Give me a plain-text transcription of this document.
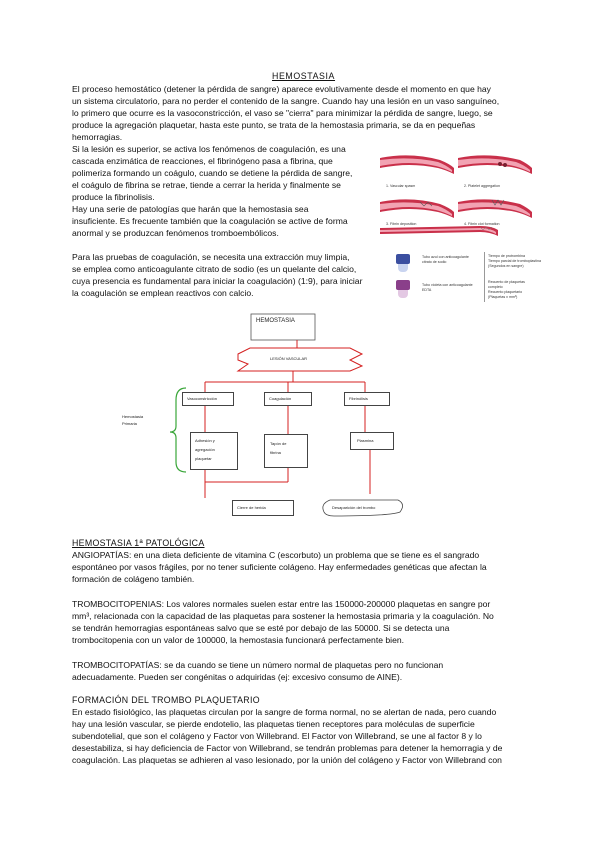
HEMOSTASIA
El proceso hemostático (detener la pérdida de sangre) aparece evolutivamente desde el momento en que hay
un sistema circulatorio, para no perder el contenido de la sangre. Cuando hay una lesión en un vaso sanguíneo,
lo primero que ocurre es la vasoconstricción, el vaso se "cierra" para minimizar la pérdida de sangre, luego, se
produce la agregación plaquetar, hasta este punto, se trata de la hemostasia primaria, se da en pequeñas
hemorragias.
Si la lesión es superior, se activa los fenómenos de coagulación, es una
cascada enzimática de reacciones, el fibrinógeno pasa a fibrina, que
polimeriza formando un coágulo, cuando se detiene la pérdida de sangre,
el coágulo de fibrina se retrae, tiende a cerrar la herida y finalmente se
produce la fibrinolisis.
Hay una serie de patologías que harán que la hemostasia sea
insuficiente. Es frecuente también que la coagulación se active de forma
anormal y se produzcan fenómenos tromboembólicos.
Para las pruebas de coagulación, se necesita una extracción muy limpia,
se emplea como anticoagulante citrato de sodio (es un quelante del calcio,
cuya presencia es fundamental para iniciar la coagulación) (1:9), para iniciar
la coagulación se emplean reactivos con calcio.
1. Vascular spasm	2. Platelet aggregation
3. Fibrin deposition	4. Fibrin clot formation
Tubo azul con anticoagulante
citrato de sodio
Tubo violeta con anticoagulante
EDTA
Tiempo de protrombina
Tiempo parcial de tromboplastina
(Segundos en sangre)
Recuento de plaquetas
completo
Recuento plaquetario
(Plaquetas x mm³)
HEMOSTASIA
LESIÓN VASCULAR
Hemostasia
Primaria
Vasoconstricción	Coagulación	Fibrinólisis
Adhesión y
agregación
plaquetar
Tapón de
fibrina
Plasmina
Cierre de herida	Desaparición del trombo
HEMOSTASIA 1ª PATOLÓGICA
ANGIOPATÍAS: en una dieta deficiente de vitamina C (escorbuto) un problema que se tiene es el sangrado
espontáneo por vasos frágiles, por no tener suficiente colágeno. Hay enfermedades genéticas que afectan la
formación de colágeno también.
TROMBOCITOPENIAS: Los valores normales suelen estar entre las 150000-200000 plaquetas en sangre por
mm³, relacionada con la capacidad de las plaquetas para sostener la hemostasia primaria y la coagulación. No
se tendrán hemorragias espontáneas salvo que se esté por debajo de las 50000. Si se detecta una
trombocitopenia con un valor de 100000, la hemostasia funcionará perfectamente bien.
TROMBOCITOPATÍAS: se da cuando se tiene un número normal de plaquetas pero no funcionan
adecuadamente. Pueden ser congénitas o adquiridas (ej: excesivo consumo de AINE).
FORMACIÓN DEL TROMBO PLAQUETARIO
En estado fisiológico, las plaquetas circulan por la sangre de forma normal, no se alertan de nada, pero cuando
hay una lesión vascular, se pierde endotelio, las plaquetas tienen receptores para moléculas de superficie
subendotelial, que son el colágeno y Factor von Willebrand. El Factor von Willebrand, se une al factor 8 y lo
desestabiliza, si hay deficiencia de Factor von Willebrand, se tendrán problemas para detener la hemorragia y de
coagulación. Las plaquetas se adhieren al vaso lesionado, por la unión del colágeno y Factor von Willebrand con
